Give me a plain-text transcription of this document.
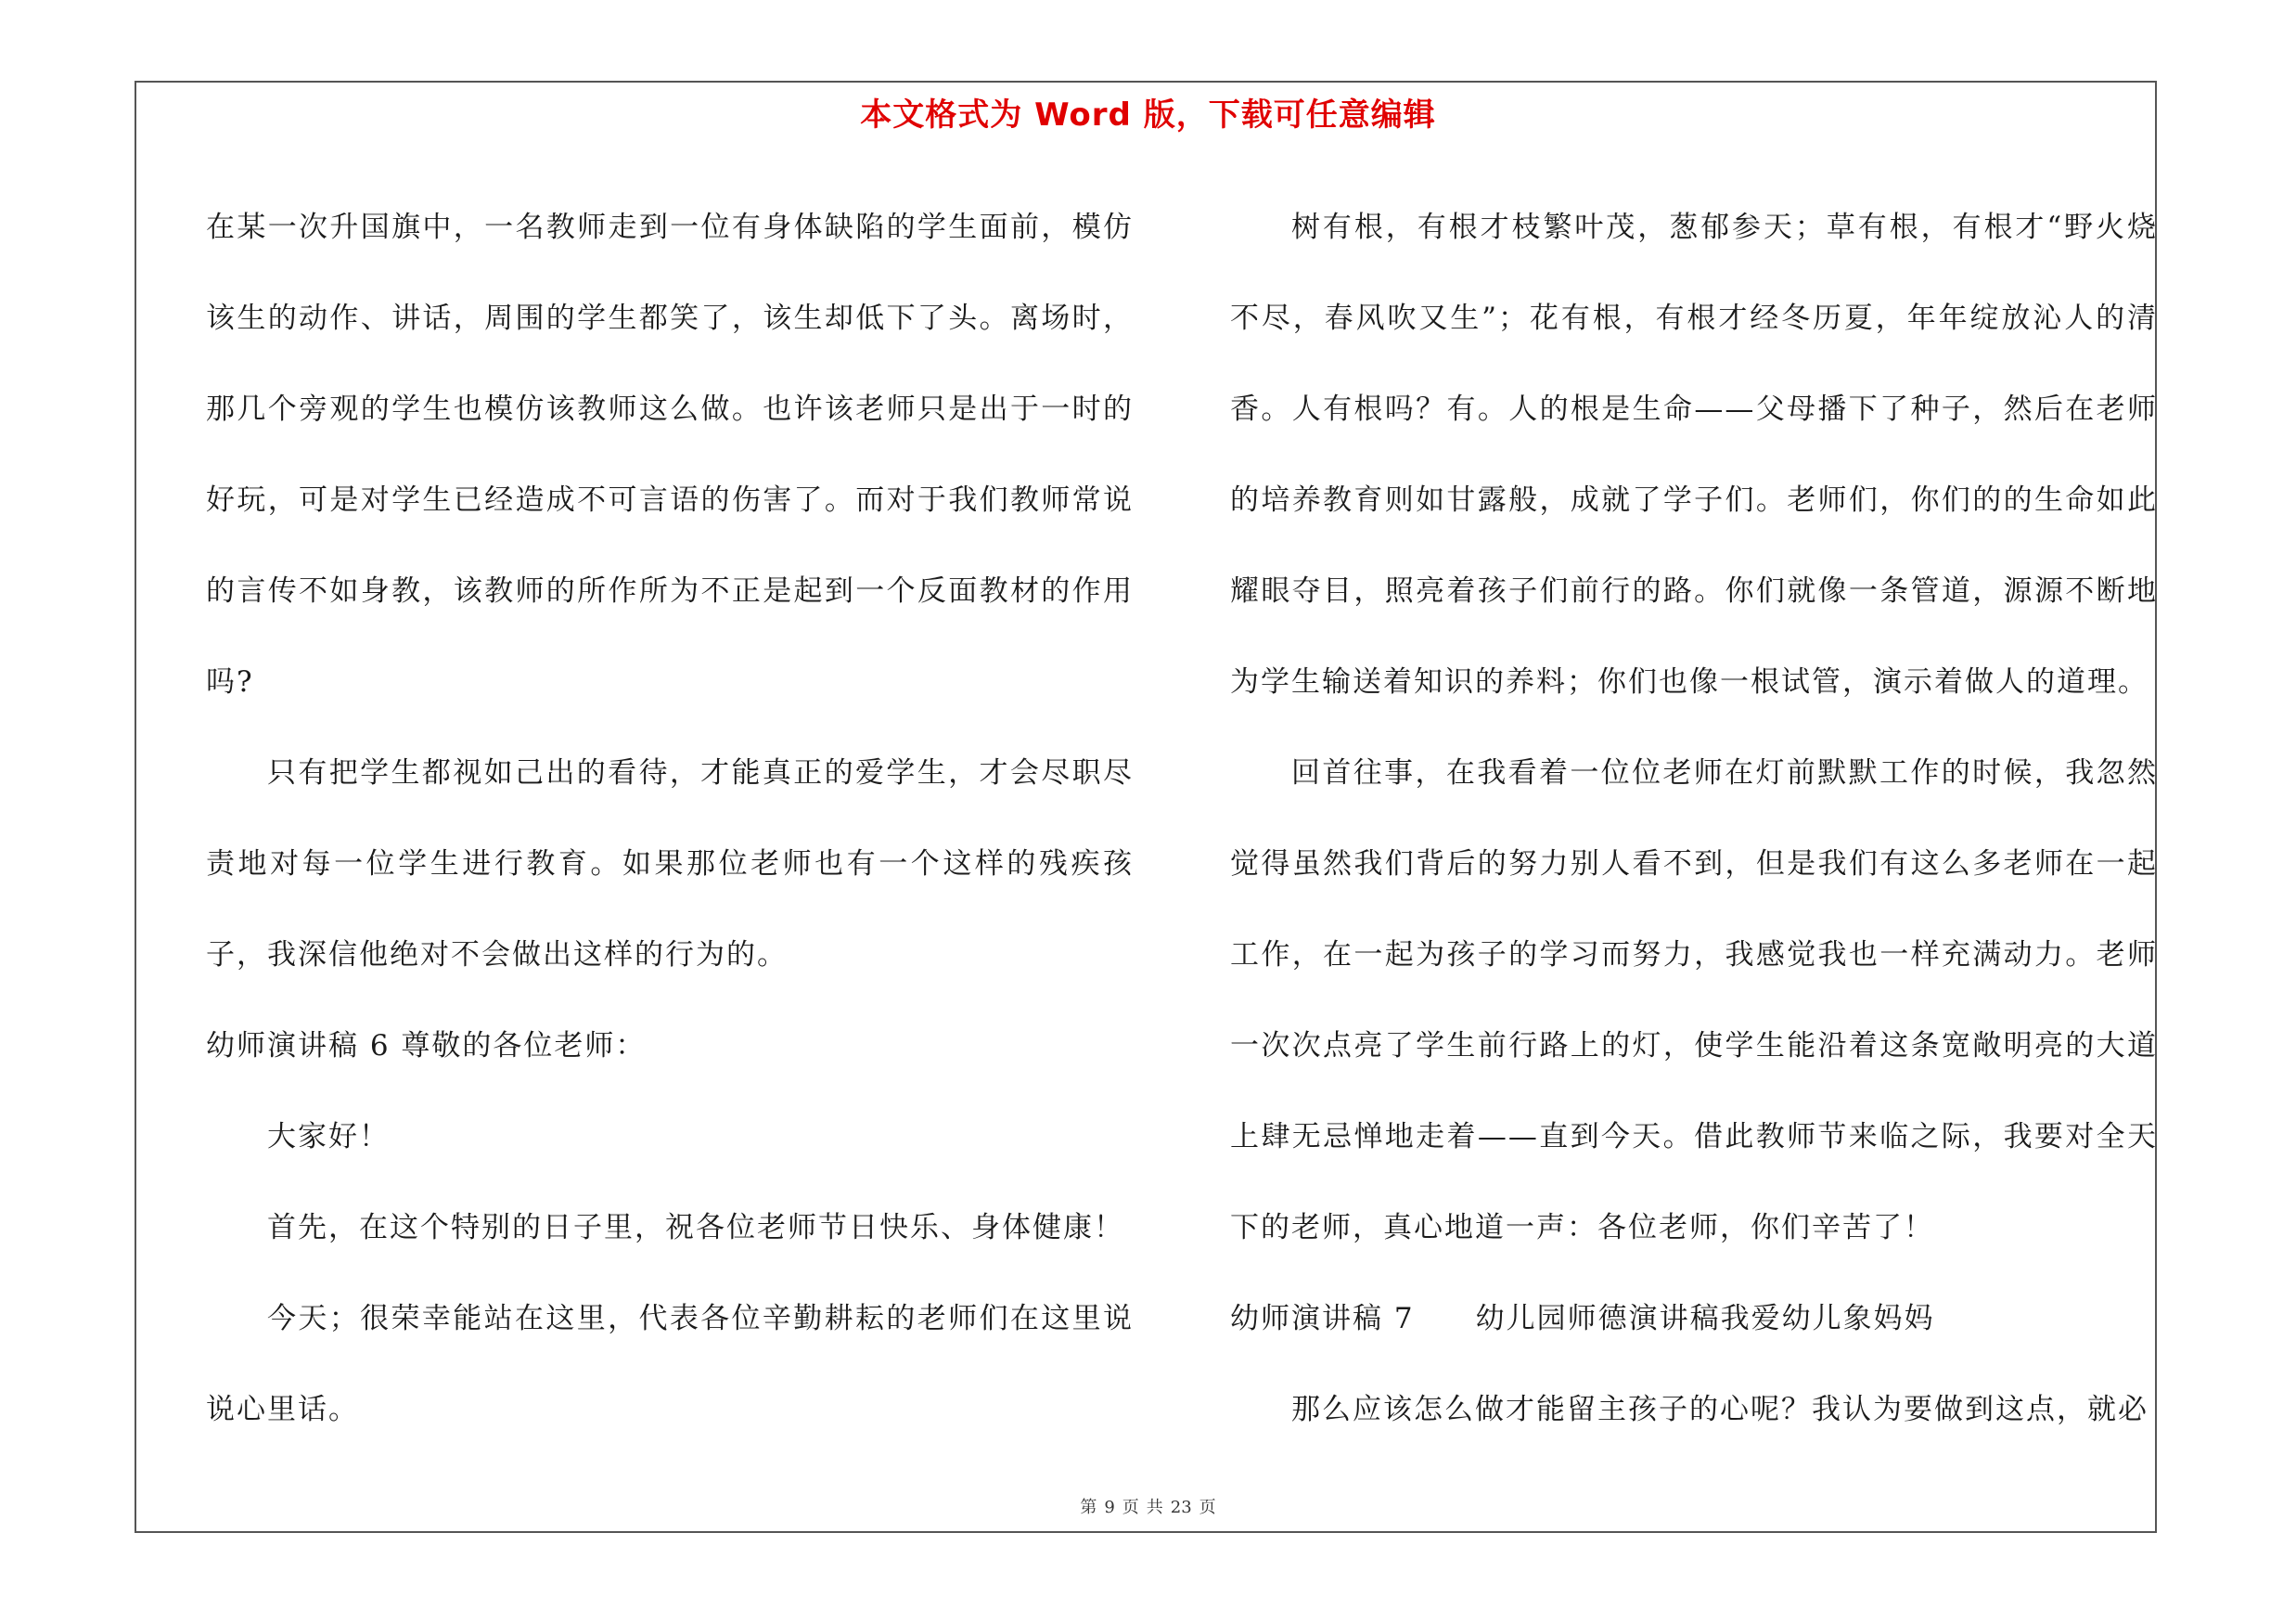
本文格式为 Word 版，下载可任意编辑

在某一次升国旗中，一名教师走到一位有身体缺陷的学生面前，模仿该生的动作、讲话，周围的学生都笑了，该生却低下了头。离场时，那几个旁观的学生也模仿该教师这么做。也许该老师只是出于一时的好玩，可是对学生已经造成不可言语的伤害了。而对于我们教师常说的言传不如身教，该教师的所作所为不正是起到一个反面教材的作用吗?

只有把学生都视如己出的看待，才能真正的爱学生，才会尽职尽责地对每一位学生进行教育。如果那位老师也有一个这样的残疾孩子，我深信他绝对不会做出这样的行为的。

幼师演讲稿 6 尊敬的各位老师：

大家好！

首先，在这个特别的日子里，祝各位老师节日快乐、身体健康！

今天；很荣幸能站在这里，代表各位辛勤耕耘的老师们在这里说说心里话。

树有根，有根才枝繁叶茂，葱郁参天；草有根，有根才“野火烧不尽，春风吹又生”；花有根，有根才经冬历夏，年年绽放沁人的清香。人有根吗？有。人的根是生命——父母播下了种子，然后在老师的培养教育则如甘露般，成就了学子们。老师们，你们的的生命如此耀眼夺目，照亮着孩子们前行的路。你们就像一条管道，源源不断地为学生输送着知识的养料；你们也像一根试管，演示着做人的道理。

回首往事，在我看着一位位老师在灯前默默工作的时候，我忽然觉得虽然我们背后的努力别人看不到，但是我们有这么多老师在一起工作，在一起为孩子的学习而努力，我感觉我也一样充满动力。老师一次次点亮了学生前行路上的灯，使学生能沿着这条宽敞明亮的大道上肆无忌惮地走着——直到今天。借此教师节来临之际，我要对全天下的老师，真心地道一声：各位老师，你们辛苦了！

幼师演讲稿 7　　幼儿园师德演讲稿我爱幼儿象妈妈

那么应该怎么做才能留主孩子的心呢？我认为要做到这点，就必

第 9 页 共 23 页
